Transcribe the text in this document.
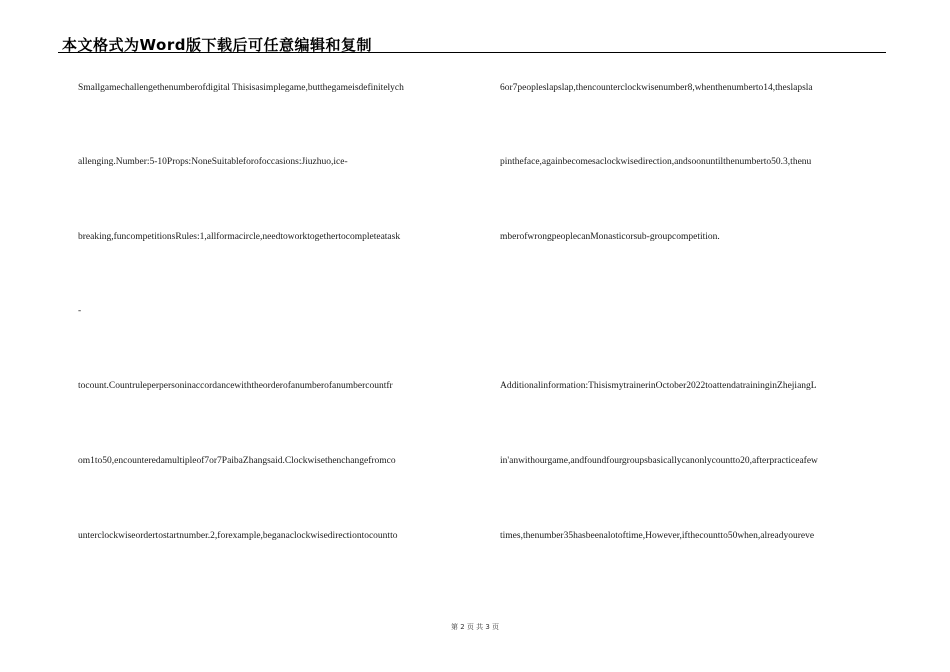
本文格式为Word版下载后可任意编辑和复制
Smallgamechallengethenumberofdigital Thisisasimplegame,butthegameisdefinitelych
allenging.Number:5-10Props:NoneSuitableforofoccasions:Jiuzhuo,ice-
breaking,funcompetitionsRules:1,allformacircle,needtoworktogethertocompleteatask
-
tocount.Countruleperpersoninaccordancewiththeorderofanumberofanumbercountfr
om1to50,encounteredamultipleof7or7PaibaZhangsaid.Clockwisethenchangefromco
unterclockwiseordertostartnumber.2,forexample,beganaclockwisedirectiontocountto
6or7peopleslapslap,thencounterclockwisenumber8,whenthenumberto14,theslapsla
pintheface,againbecomesaclockwisedirection,andsoonuntilthenumberto50.3,thenu
mberofwrongpeoplecanMonasticorsub-groupcompetition.
Additionalinformation:ThisismytrainerinOctober2022toattendatraininginZhejiangL
in'anwithourgame,andfoundfourgroupsbasicallycanonlycountto20,afterpracticeafew
times,thenumber35hasbeenalotoftime,However,ifthecountto50when,alreadyoureve
第 2 页 共 3 页
